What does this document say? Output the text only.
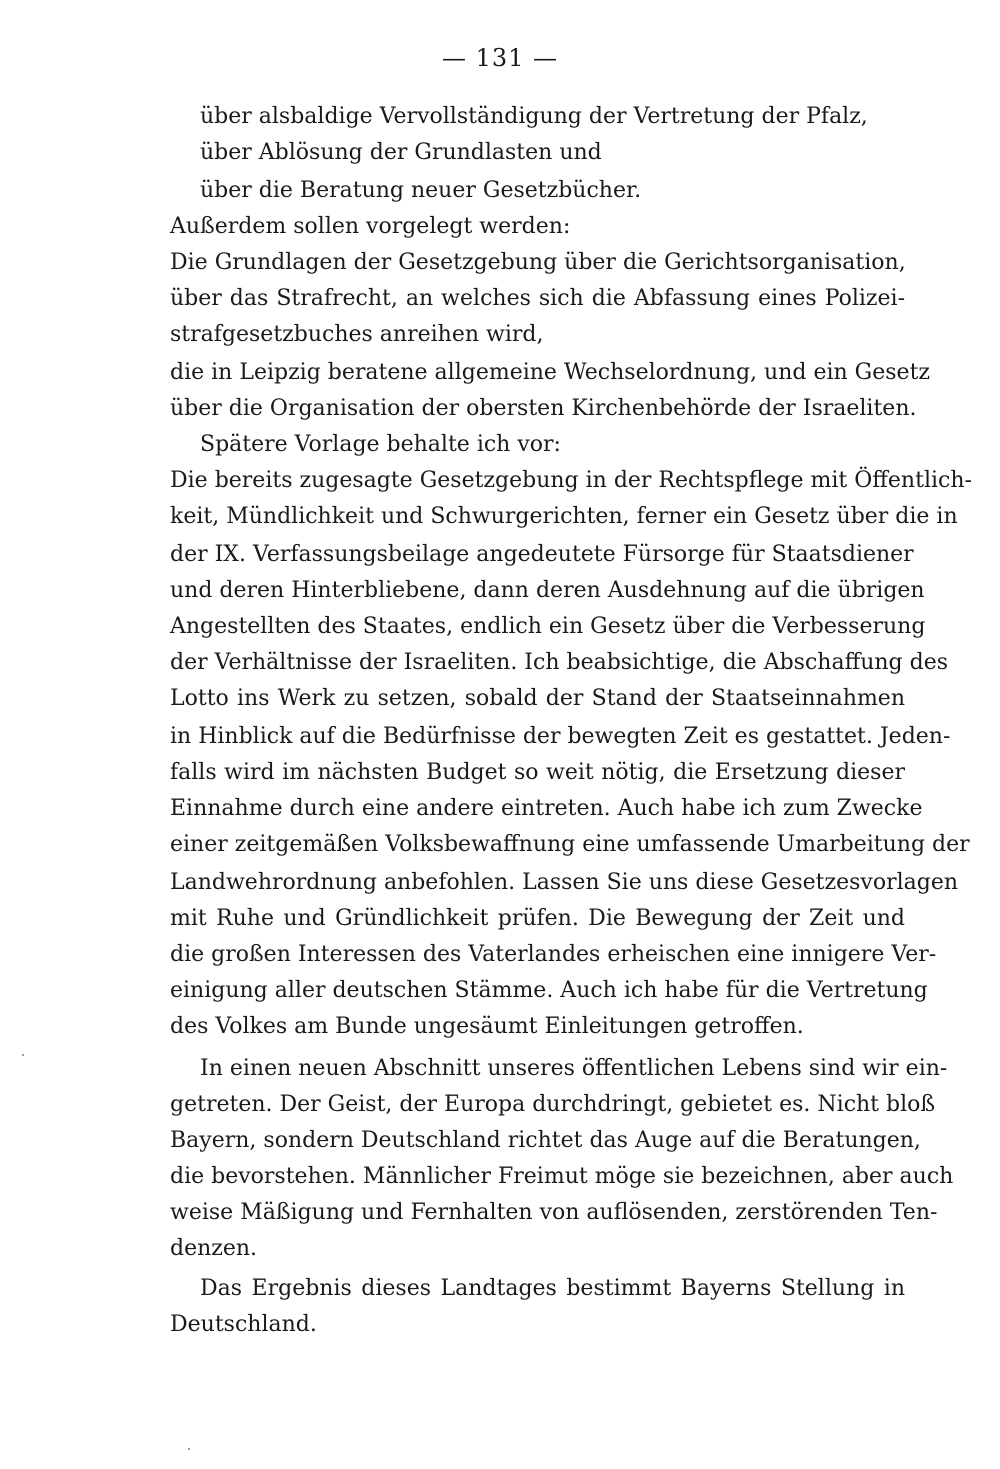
— 131 —
über alsbaldige Vervollständigung der Vertretung der Pfalz,
über Ablösung der Grundlasten und
über die Beratung neuer Gesetzbücher.
Außerdem sollen vorgelegt werden:
Die Grundlagen der Gesetzgebung über die Gerichtsorganisation,
über das Strafrecht, an welches sich die Abfassung eines Polizei-
strafgesetzbuches anreihen wird,
die in Leipzig beratene allgemeine Wechselordnung, und ein Gesetz
über die Organisation der obersten Kirchenbehörde der Israeliten.
Spätere Vorlage behalte ich vor:
Die bereits zugesagte Gesetzgebung in der Rechtspflege mit Öffentlich-
keit, Mündlichkeit und Schwurgerichten, ferner ein Gesetz über die in
der IX. Verfassungsbeilage angedeutete Fürsorge für Staatsdiener
und deren Hinterbliebene, dann deren Ausdehnung auf die übrigen
Angestellten des Staates, endlich ein Gesetz über die Verbesserung
der Verhältnisse der Israeliten. Ich beabsichtige, die Abschaffung des
Lotto ins Werk zu setzen, sobald der Stand der Staatseinnahmen
in Hinblick auf die Bedürfnisse der bewegten Zeit es gestattet. Jeden-
falls wird im nächsten Budget so weit nötig, die Ersetzung dieser
Einnahme durch eine andere eintreten. Auch habe ich zum Zwecke
einer zeitgemäßen Volksbewaffnung eine umfassende Umarbeitung der
Landwehrordnung anbefohlen. Lassen Sie uns diese Gesetzesvorlagen
mit Ruhe und Gründlichkeit prüfen. Die Bewegung der Zeit und
die großen Interessen des Vaterlandes erheischen eine innigere Ver-
einigung aller deutschen Stämme. Auch ich habe für die Vertretung
des Volkes am Bunde ungesäumt Einleitungen getroffen.
In einen neuen Abschnitt unseres öffentlichen Lebens sind wir ein-
getreten. Der Geist, der Europa durchdringt, gebietet es. Nicht bloß
Bayern, sondern Deutschland richtet das Auge auf die Beratungen,
die bevorstehen. Männlicher Freimut möge sie bezeichnen, aber auch
weise Mäßigung und Fernhalten von auflösenden, zerstörenden Ten-
denzen.
Das Ergebnis dieses Landtages bestimmt Bayerns Stellung in
Deutschland.
